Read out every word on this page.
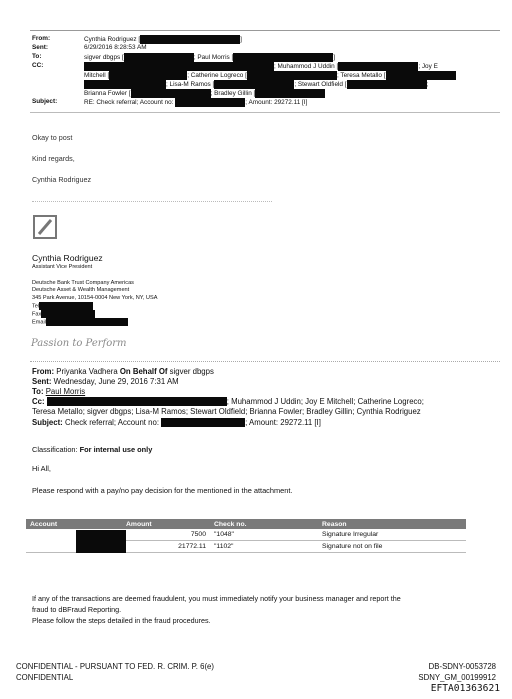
From:	Cynthia Rodriguez [	]
Sent:	6/29/2016 8:28:53 AM
To:	sigver dbgps [	; Paul Morris [	]
CC:	; Muhammod J Uddin [	; Joy E
Mitchell [	; Catherine Logreco [	; Teresa Metallo [
; Lisa-M Ramos [	; Stewart Oldfield [	;
Brianna Fowler [	; Bradley Gillin [
Subject:	RE: Check referral; Account no:	; Amount: 29272.11 [I]
Okay to post
Kind regards,
Cynthia Rodriguez
Cynthia Rodriguez
Assistant Vice President
Deutsche Bank Trust Company Americas
Deutsche Asset & Wealth Management
345 Park Avenue, 10154-0004 New York, NY, USA
Tel
Fax
Email
Passion to Perform
From: Priyanka Vadhera On Behalf Of sigver dbgps
Sent: Wednesday, June 29, 2016 7:31 AM
To: Paul Morris
Cc:	; Muhammod J Uddin; Joy E Mitchell; Catherine Logreco;
Teresa Metallo; sigver dbgps; Lisa-M Ramos; Stewart Oldfield; Brianna Fowler; Bradley Gillin; Cynthia Rodriguez
Subject: Check referral; Account no:	; Amount: 29272.11 [I]
Classification: For internal use only
Hi All,
Please respond with a pay/no pay decision for the mentioned in the attachment.
Account	Amount	Check no.	Reason

	7500	"1048"	Signature Irregular
	21772.11	"1102"	Signature not on file
If any of the transactions are deemed fraudulent, you must immediately notify your business manager and report the
fraud to dBFraud Reporting.
Please follow the steps detailed in the fraud procedures.
CONFIDENTIAL - PURSUANT TO FED. R. CRIM. P. 6(e)
CONFIDENTIAL
DB-SDNY-0053728
SDNY_GM_00199912
EFTA01363621
